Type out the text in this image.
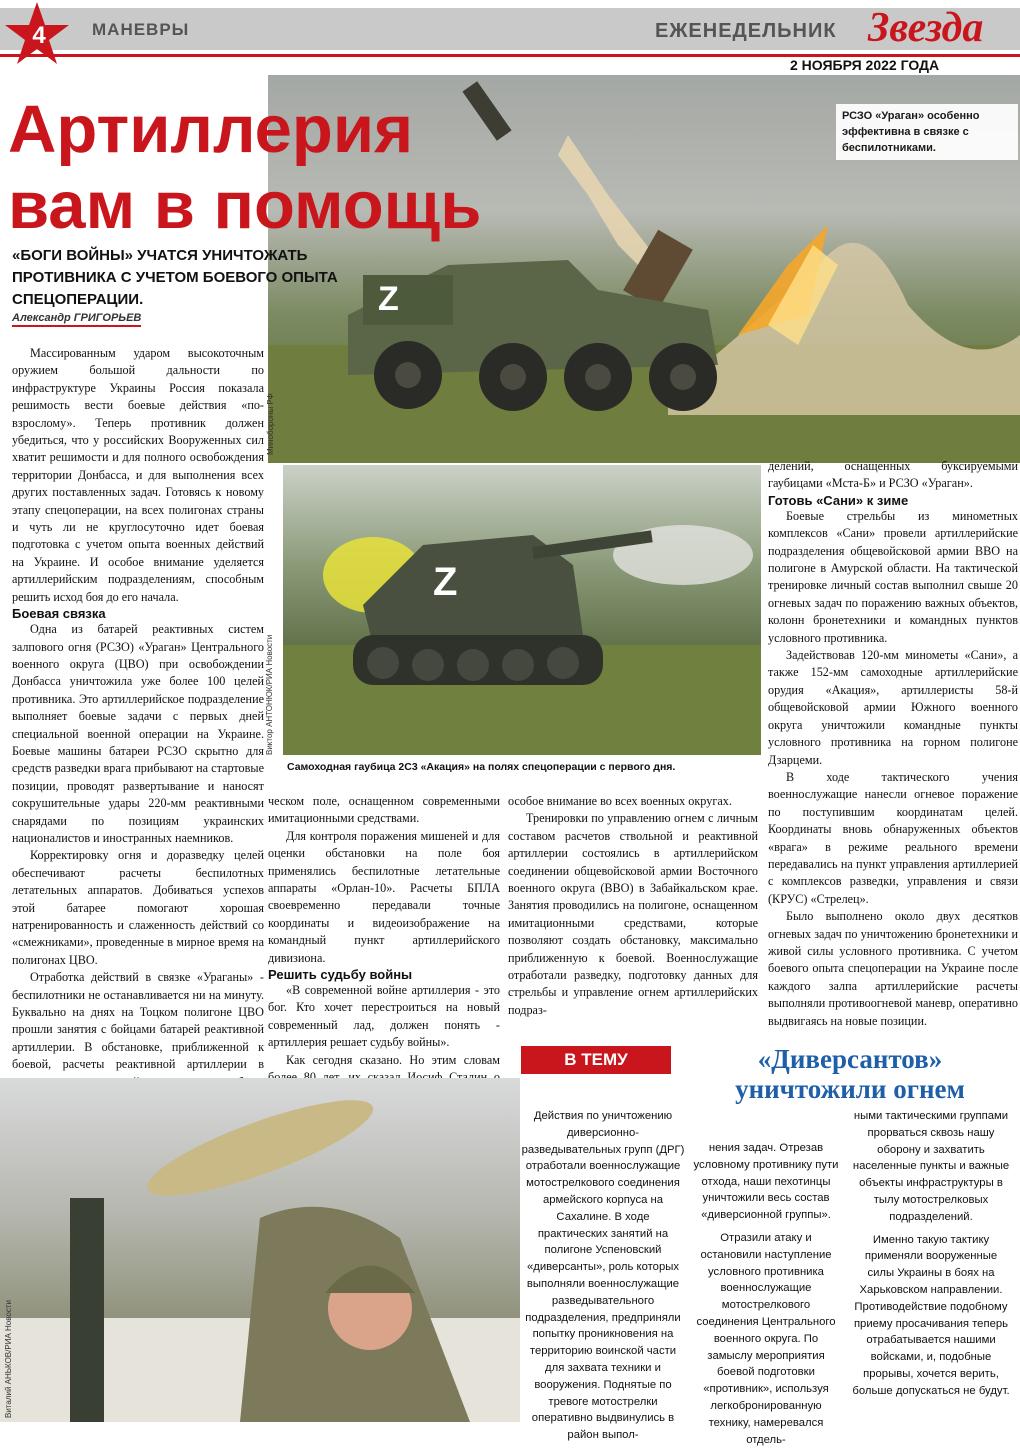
4	МАНЕВРЫ	ЕЖЕНЕДЕЛЬНИК Звезда
2 НОЯБРЯ 2022 ГОДА
Z
Минобороны РФ
РСЗО «Ураган» особенно эффективна в связке с беспилотниками.
Артиллерия
вам в помощь
«БОГИ ВОЙНЫ» УЧАТСЯ УНИЧТОЖАТЬ ПРОТИВНИКА С УЧЕТОМ БОЕВОГО ОПЫТА СПЕЦОПЕРАЦИИ.
Александр ГРИГОРЬЕВ

Массированным ударом высокоточным оружием большой дальности по инфраструктуре Украины Россия показала решимость вести боевые действия «по-взрослому». Теперь противник должен убедиться, что у российских Вооруженных сил хватит решимости и для полного освобождения территории Донбасса, и для выполнения всех других поставленных задач. Готовясь к новому этапу спецоперации, на всех полигонах страны и чуть ли не круглосуточно идет боевая подготовка с учетом опыта военных действий на Украине. И особое внимание уделяется артиллерийским подразделениям, способным решить исход боя до его начала.

Боевая связка

Одна из батарей реактивных систем залпового огня (РСЗО) «Ураган» Центрального военного округа (ЦВО) при освобождении Донбасса уничтожила уже более 100 целей противника. Это артиллерийское подразделение выполняет боевые задачи с первых дней специальной военной операции на Украине. Боевые машины батареи РСЗО скрытно для средств разведки врага прибывают на стартовые позиции, проводят развертывание и наносят сокрушительные удары 220-мм реактивными снарядами по позициям украинских националистов и иностранных наемников.

Корректировку огня и доразведку целей обеспечивают расчеты беспилотных летательных аппаратов. Добиваться успехов этой батарее помогают хорошая натренированность и слаженность действий со «смежниками», проведенные в мирное время на полигонах ЦВО.

Отработка действий в связке «Ураганы» - беспилотники не останавливается ни на минуту. Буквально на днях на Тоцком полигоне ЦВО прошли занятия с бойцами батарей реактивной артиллерии. В обстановке, приближенной к боевой, расчеты реактивной артиллерии в

Z
Виктор АНТОНЮК/РИА Новости
Самоходная гаубица 2С3 «Акация» на полях спецоперации с первого дня.

ческом поле, оснащенном современными имитационными средствами.

Для контроля поражения мишеней и для оценки обстановки на поле боя применялись беспилотные летательные аппараты «Орлан-10». Расчеты БПЛА своевременно передавали точные координаты и видеоизображение на командный пункт артиллерийского дивизиона.

Решить судьбу войны

«В современной войне артиллерия - это бог. Кто хочет перестроиться на новый современный лад, должен понять - артиллерия решает судьбу войны».

Как сегодня сказано. Но этим словам

особое внимание во всех военных округах.

Тренировки по управлению огнем с личным составом расчетов ствольной и реактивной артиллерии состоялись в артиллерийском соединении общевойсковой армии Восточного военного округа (ВВО) в Забайкальском крае. Занятия проводились на полигоне, оснащенном имитационными средствами, которые позволяют создать обстановку, максимально приближенную к боевой. Военнослужащие отработали разведку, подготовку данных для стрельбы и управление огнем артиллерийских подраз-

делений, оснащенных буксируемыми гаубицами «Мста-Б» и РСЗО «Ураган».

Готовь «Сани» к зиме

Боевые стрельбы из минометных комплексов «Сани» провели артиллерийские подразделения общевойсковой армии ВВО на полигоне в Амурской области. На тактической тренировке личный состав выполнил свыше 20 огневых задач по поражению важных объектов, колонн бронетехники и командных пунктов условного противника.

Задействовав 120-мм минометы «Сани», а также 152-мм самоходные артиллерийские орудия «Акация», артиллеристы 58-й общевойсковой армии Южного военного округа уничтожили командные пункты условного противника на горном полигоне Дзарцеми.

В ходе тактического учения военнослужащие нанесли огневое поражение по поступившим координатам целей. Координаты вновь обнаруженных объектов «врага» в режиме реального времени передавались на пункт управления артиллерией с комплексов разведки, управления и связи (КРУС) «Стрелец».

Было выполнено около двух десятков огневых задач по уничтожению бронетехники и живой силы условного противника. С учетом боевого опыта спецоперации на Украине после каждого залпа артиллерийские расчеты выполняли противоогневой маневр, оперативно выдвигаясь на новые позиции.

Виталий АНЬКОВ/РИА Новости
В ТЕМУ	«Диверсантов» уничтожили огнем

Действия по уничтожению диверсионно-разведывательных групп (ДРГ) отработали военнослужащие мотострелкового соединения армейского корпуса на Сахалине. В ходе практических занятий на полигоне Успеновский «диверсанты», роль которых выполняли военнослужащие разведывательного подразделения, предприняли попытку проникновения на территорию воинской части для захвата техники и вооружения. Поднятые по тревоге мотострелки оперативно выдвинулись в район выпол-

нения задач. Отрезав условному противнику пути отхода, наши пехотинцы уничтожили весь состав «диверсионной группы».

Отразили атаку и остановили наступление условного противника военнослужащие мотострелкового соединения Центрального военного округа. По замыслу мероприятия боевой подготовки «противник», используя легкобронированную технику, намеревался отдель-

ными тактическими группами прорваться сквозь нашу оборону и захватить населенные пункты и важные объекты инфраструктуры в тылу мотострелковых подразделений.

Именно такую тактику применяли вооруженные силы Украины в боях на Харьковском направлении. Противодействие подобному приему просачивания теперь отрабатывается нашими войсками, и, подобные прорывы, хочется верить, больше допускаться не будут.
